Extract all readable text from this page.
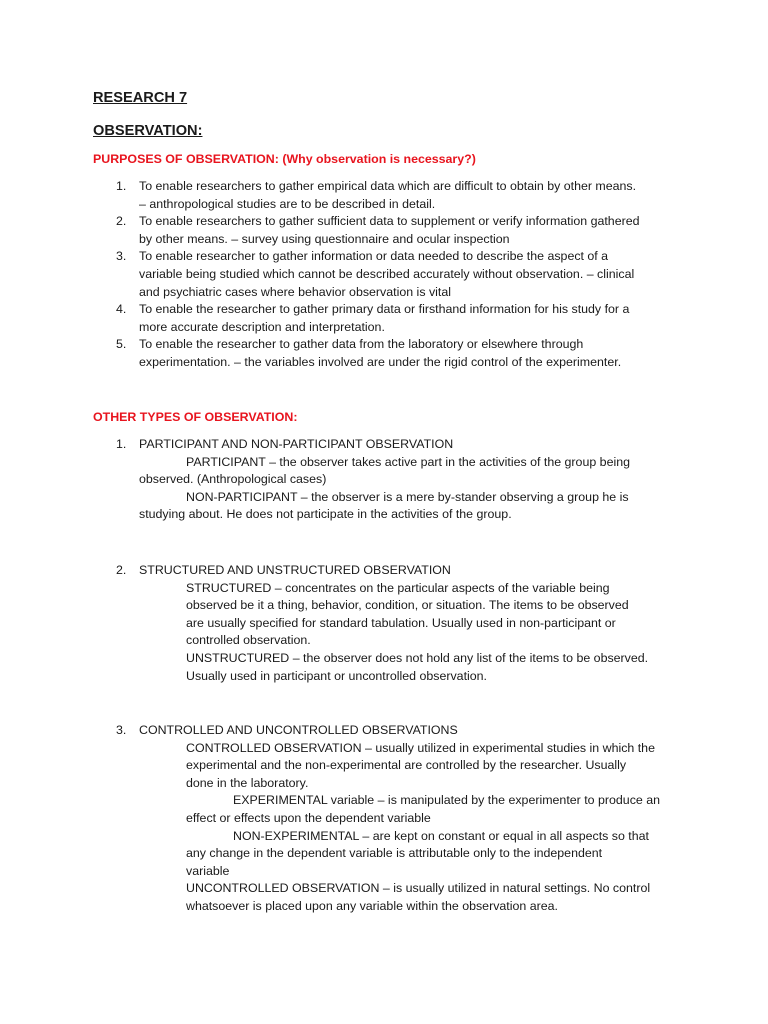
RESEARCH 7
OBSERVATION:
PURPOSES OF OBSERVATION: (Why observation is necessary?)
1. To enable researchers to gather empirical data which are difficult to obtain by other means.
– anthropological studies are to be described in detail.
2. To enable researchers to gather sufficient data to supplement or verify information gathered
by other means. – survey using questionnaire and ocular inspection
3. To enable researcher to gather information or data needed to describe the aspect of a
variable being studied which cannot be described accurately without observation. – clinical
and psychiatric cases where behavior observation is vital
4. To enable the researcher to gather primary data or firsthand information for his study for a
more accurate description and interpretation.
5. To enable the researcher to gather data from the laboratory or elsewhere through
experimentation. – the variables involved are under the rigid control of the experimenter.
OTHER TYPES OF OBSERVATION:
1. PARTICIPANT AND NON-PARTICIPANT OBSERVATION
PARTICIPANT – the observer takes active part in the activities of the group being
observed. (Anthropological cases)
NON-PARTICIPANT – the observer is a mere by-stander observing a group he is
studying about. He does not participate in the activities of the group.
2. STRUCTURED AND UNSTRUCTURED OBSERVATION
STRUCTURED – concentrates on the particular aspects of the variable being
observed be it a thing, behavior, condition, or situation. The items to be observed
are usually specified for standard tabulation. Usually used in non-participant or
controlled observation.
UNSTRUCTURED – the observer does not hold any list of the items to be observed.
Usually used in participant or uncontrolled observation.
3. CONTROLLED AND UNCONTROLLED OBSERVATIONS
CONTROLLED OBSERVATION – usually utilized in experimental studies in which the
experimental and the non-experimental are controlled by the researcher. Usually
done in the laboratory.
EXPERIMENTAL variable – is manipulated by the experimenter to produce an
effect or effects upon the dependent variable
NON-EXPERIMENTAL – are kept on constant or equal in all aspects so that
any change in the dependent variable is attributable only to the independent
variable
UNCONTROLLED OBSERVATION – is usually utilized in natural settings. No control
whatsoever is placed upon any variable within the observation area.
